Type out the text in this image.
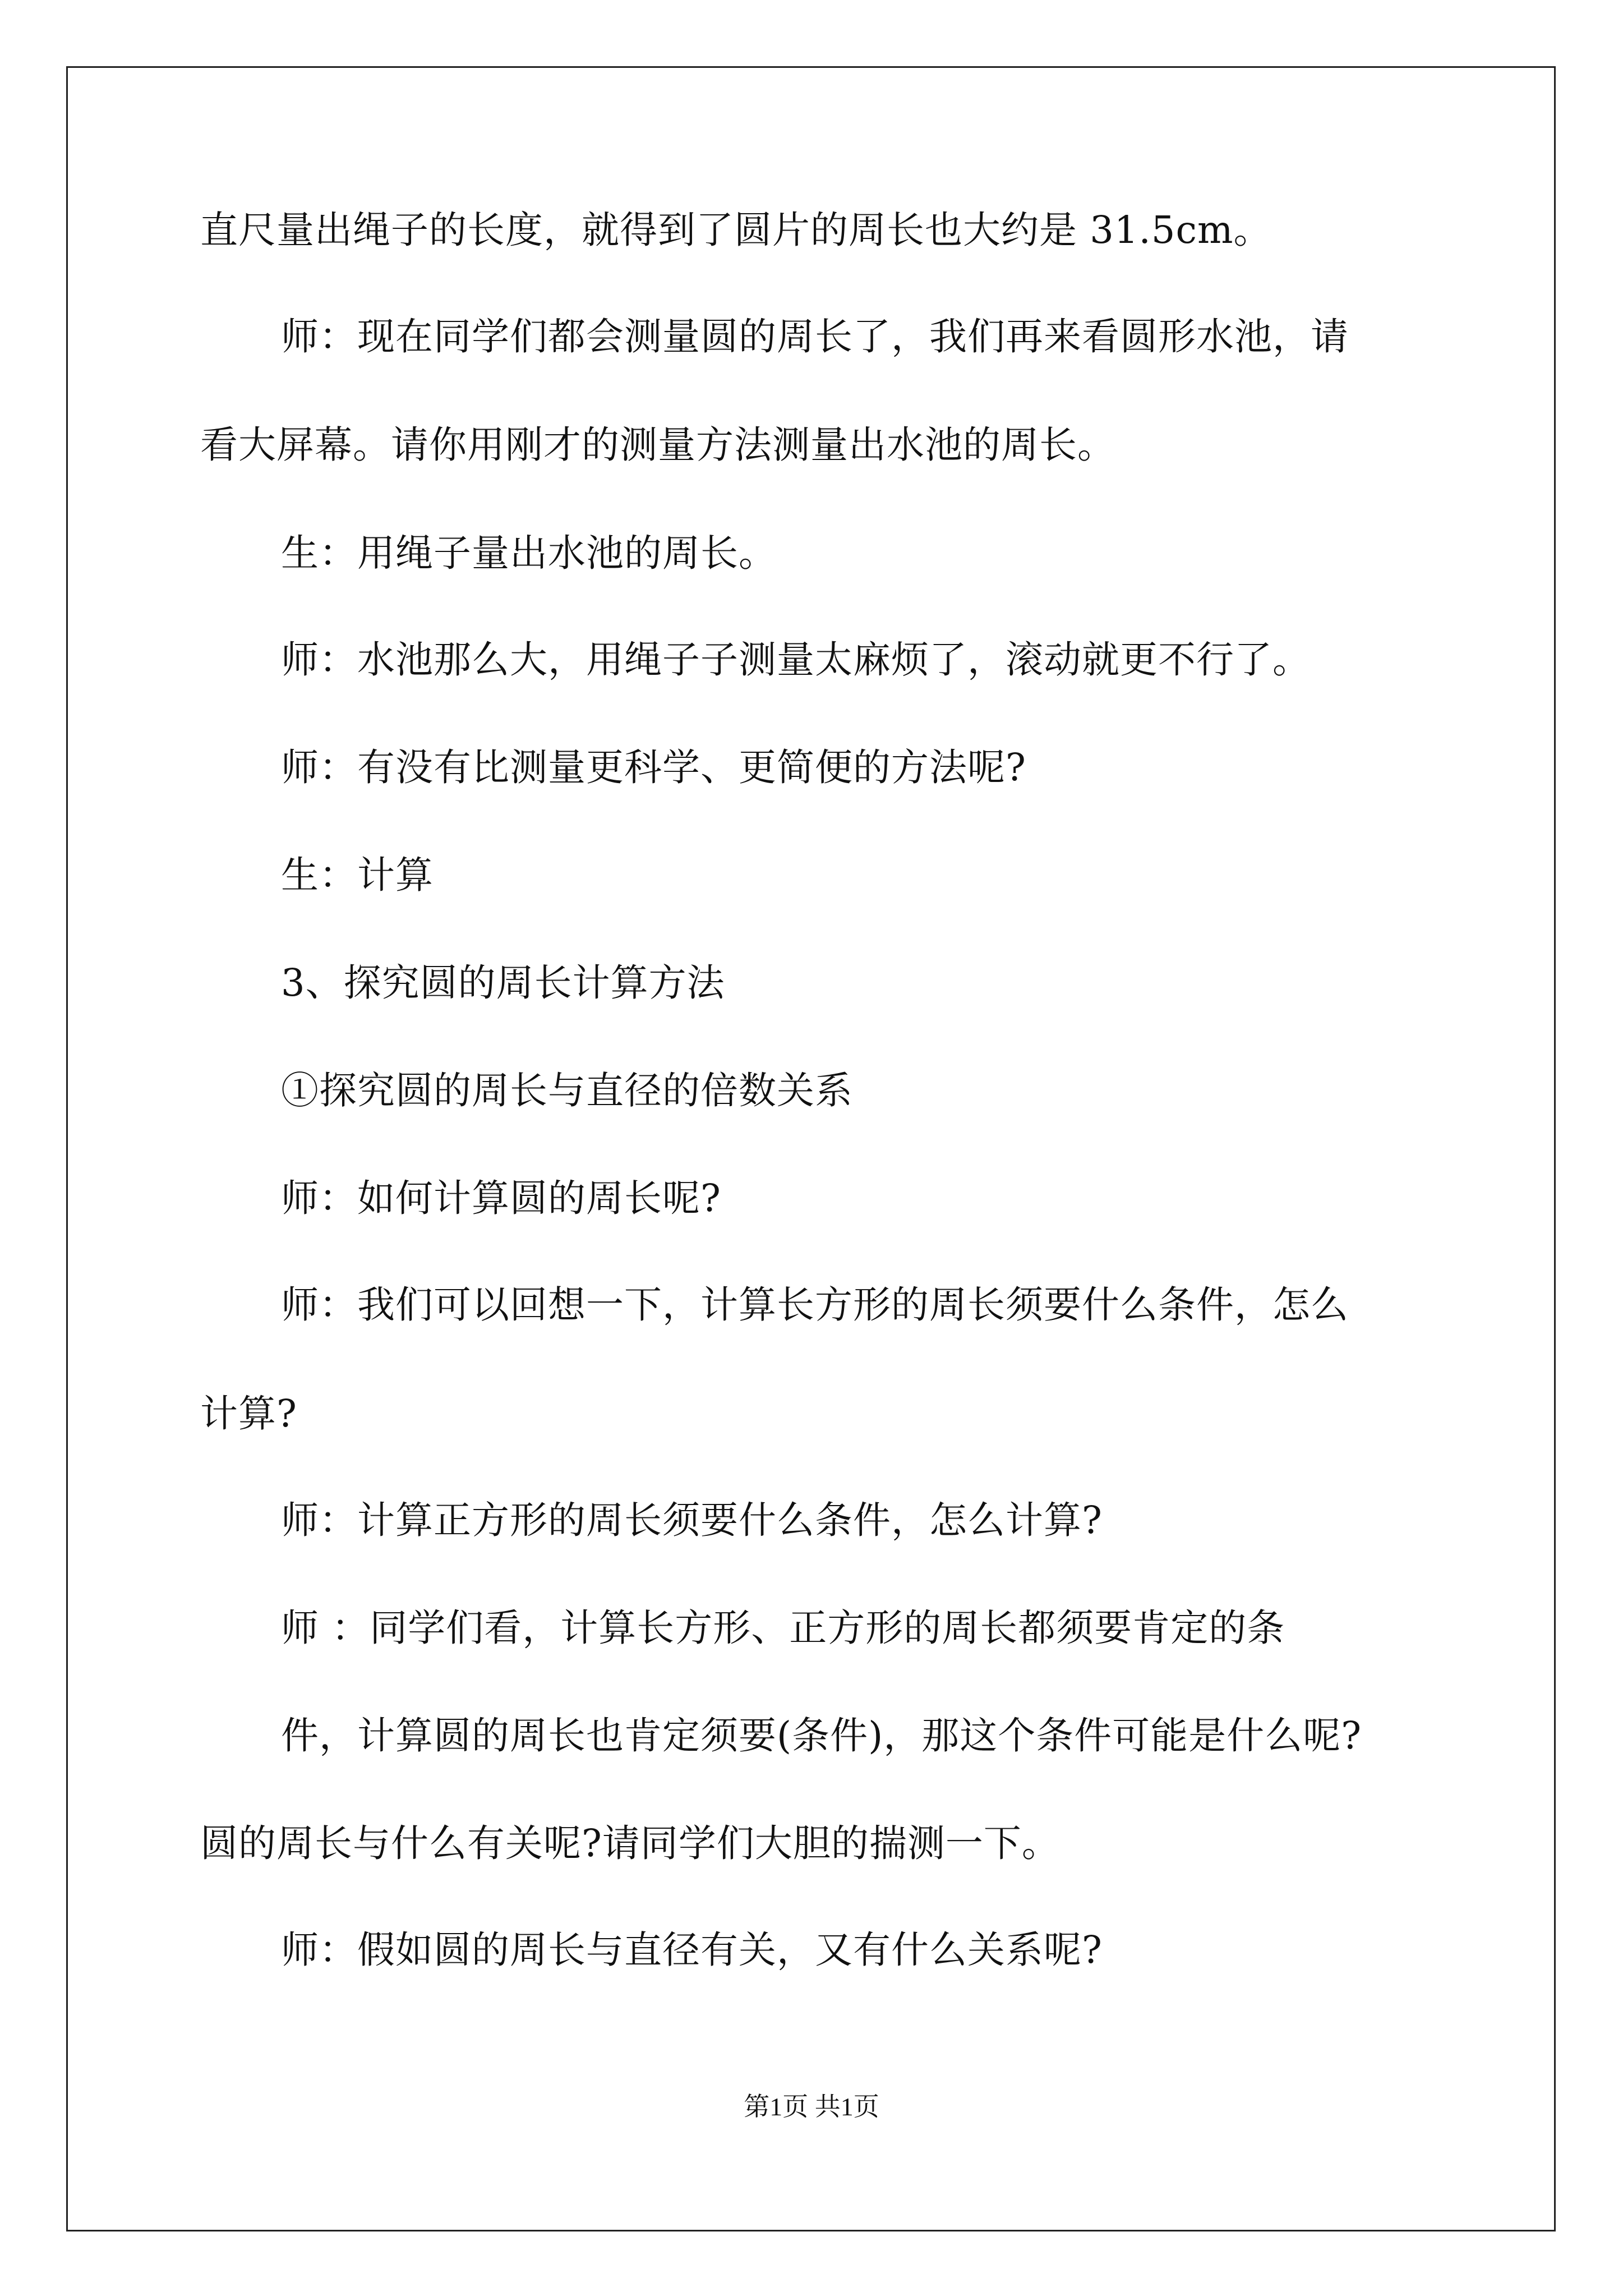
直尺量出绳子的长度，就得到了圆片的周长也大约是 31.5cm。
师：现在同学们都会测量圆的周长了，我们再来看圆形水池，请
看大屏幕。请你用刚才的测量方法测量出水池的周长。
生：用绳子量出水池的周长。
师：水池那么大，用绳子子测量太麻烦了，滚动就更不行了。
师：有没有比测量更科学、更简便的方法呢?
生：计算
3、探究圆的周长计算方法
①探究圆的周长与直径的倍数关系
师：如何计算圆的周长呢?
师：我们可以回想一下，计算长方形的周长须要什么条件，怎么
计算?
师：计算正方形的周长须要什么条件，怎么计算?
师 ：同学们看，计算长方形、正方形的周长都须要肯定的条
件，计算圆的周长也肯定须要(条件)，那这个条件可能是什么呢?
圆的周长与什么有关呢?请同学们大胆的揣测一下。
师：假如圆的周长与直径有关，又有什么关系呢?
第1页 共1页
